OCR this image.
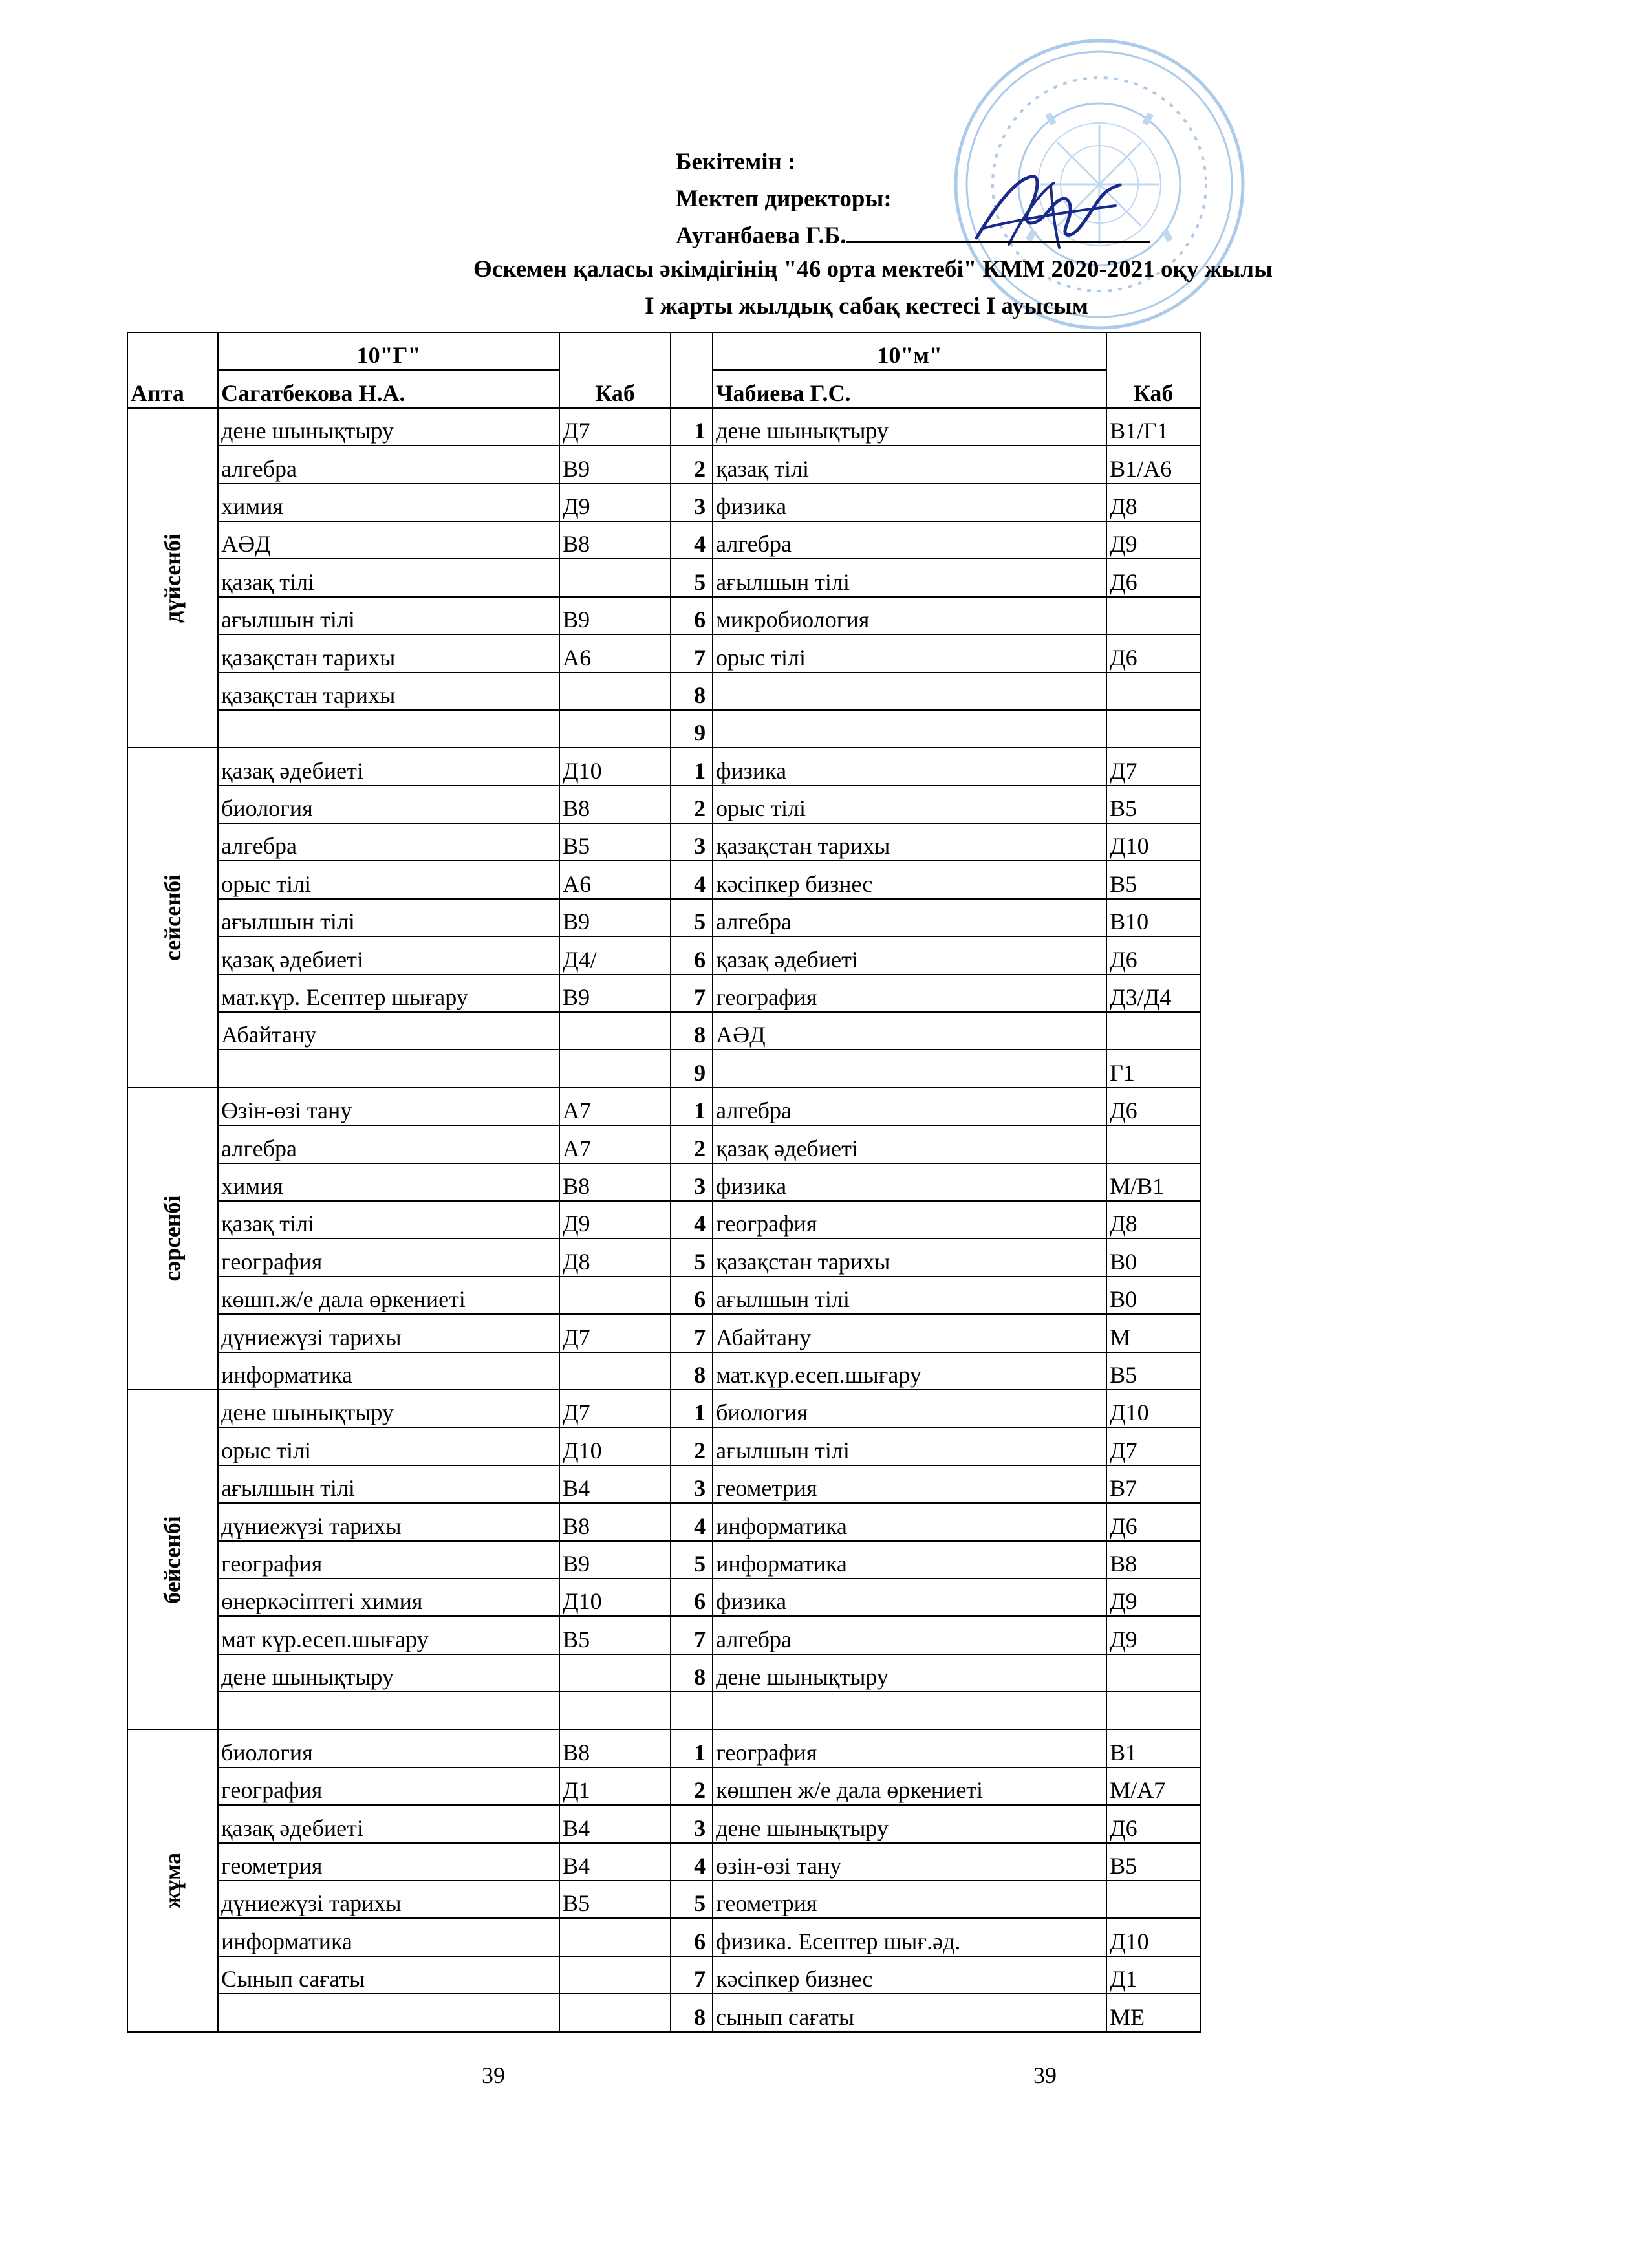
Бекітемін :
Мектеп директоры:
Ауганбаева Г.Б.
Өскемен қаласы әкімдігінің "46 орта мектебі" КММ 2020-2021 оқу жылы
І жарты жылдық сабақ кестесі І ауысым
Апта	10"Г"	Каб		10"м"	Каб
	Сагатбекова Н.А.			Чабиева Г.С.	
дүйсенбі	дене шынықтыру	Д7	1	дене шынықтыру	В1/Г1
	алгебра	В9	2	қазақ тілі	В1/А6
	химия	Д9	3	физика	Д8
	АӘД	В8	4	алгебра	Д9
	қазақ тілі		5	ағылшын тілі	Д6
	ағылшын тілі	В9	6	микробиология	
	қазақстан тарихы	А6	7	орыс тілі	Д6
	қазақстан тарихы		8		
			9		
сейсенбі	қазақ әдебиеті	Д10	1	физика	Д7
	биология	В8	2	орыс тілі	В5
	алгебра	В5	3	қазақстан тарихы	Д10
	орыс тілі	А6	4	кәсіпкер бизнес	В5
	ағылшын тілі	В9	5	алгебра	В10
	қазақ әдебиеті	Д4/	6	қазақ әдебиеті	Д6
	мат.күр. Есептер шығару	В9	7	география	Д3/Д4
	Абайтану		8	АӘД	
			9		Г1
сәрсенбі	Өзін-өзі тану	А7	1	алгебра	Д6
	алгебра	А7	2	қазақ әдебиеті	
	химия	В8	3	физика	М/В1
	қазақ тілі	Д9	4	география	Д8
	география	Д8	5	қазақстан тарихы	В0
	көшп.ж/е дала өркениеті		6	ағылшын тілі	В0
	дүниежүзі тарихы	Д7	7	Абайтану	М
	информатика		8	мат.күр.есеп.шығару	В5
бейсенбі	дене шынықтыру	Д7	1	биология	Д10
	орыс тілі	Д10	2	ағылшын тілі	Д7
	ағылшын тілі	В4	3	геометрия	В7
	дүниежүзі тарихы	В8	4	информатика	Д6
	география	В9	5	информатика	В8
	өнеркәсіптегі химия	Д10	6	физика	Д9
	мат күр.есеп.шығару	В5	7	алгебра	Д9
	дене шынықтыру		8	дене шынықтыру	

жұма	биология	В8	1	география	В1
	география	Д1	2	көшпен ж/е дала өркениеті	М/А7
	қазақ әдебиеті	В4	3	дене шынықтыру	Д6
	геометрия	В4	4	өзін-өзі тану	В5
	дүниежүзі тарихы	В5	5	геометрия	
	информатика		6	физика. Есептер шығ.әд.	Д10
	Сынып сағаты		7	кәсіпкер бизнес	Д1
			8	сынып сағаты	МЕ
39	39
